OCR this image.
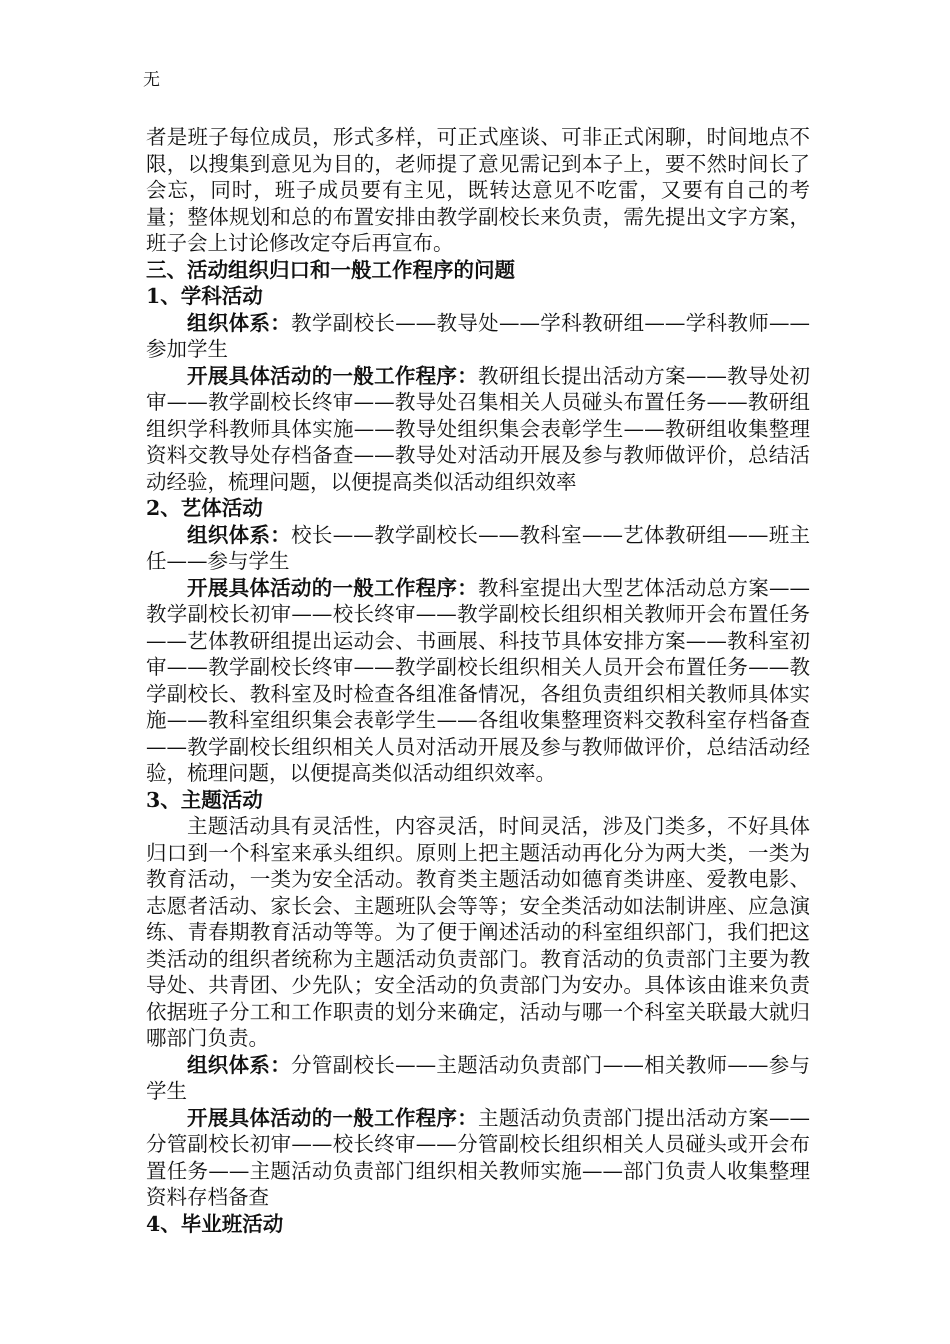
无

者是班子每位成员，形式多样，可正式座谈、可非正式闲聊，时间地点不限，以搜集到意见为目的，老师提了意见需记到本子上，要不然时间长了会忘，同时，班子成员要有主见，既转达意见不吃雷，又要有自己的考量；整体规划和总的布置安排由教学副校长来负责，需先提出文字方案，班子会上讨论修改定夺后再宣布。

三、活动组织归口和一般工作程序的问题

1、学科活动

组织体系：教学副校长——教导处——学科教研组——学科教师——参加学生

开展具体活动的一般工作程序：教研组长提出活动方案——教导处初审——教学副校长终审——教导处召集相关人员碰头布置任务——教研组组织学科教师具体实施——教导处组织集会表彰学生——教研组收集整理资料交教导处存档备查——教导处对活动开展及参与教师做评价，总结活动经验，梳理问题，以便提高类似活动组织效率

2、艺体活动

组织体系：校长——教学副校长——教科室——艺体教研组——班主任——参与学生

开展具体活动的一般工作程序：教科室提出大型艺体活动总方案——教学副校长初审——校长终审——教学副校长组织相关教师开会布置任务——艺体教研组提出运动会、书画展、科技节具体安排方案——教科室初审——教学副校长终审——教学副校长组织相关人员开会布置任务——教学副校长、教科室及时检查各组准备情况，各组负责组织相关教师具体实施——教科室组织集会表彰学生——各组收集整理资料交教科室存档备查——教学副校长组织相关人员对活动开展及参与教师做评价，总结活动经验，梳理问题，以便提高类似活动组织效率。

3、主题活动

主题活动具有灵活性，内容灵活，时间灵活，涉及门类多，不好具体归口到一个科室来承头组织。原则上把主题活动再化分为两大类，一类为教育活动，一类为安全活动。教育类主题活动如德育类讲座、爱教电影、志愿者活动、家长会、主题班队会等等；安全类活动如法制讲座、应急演练、青春期教育活动等等。为了便于阐述活动的科室组织部门，我们把这类活动的组织者统称为主题活动负责部门。教育活动的负责部门主要为教导处、共青团、少先队；安全活动的负责部门为安办。具体该由谁来负责依据班子分工和工作职责的划分来确定，活动与哪一个科室关联最大就归哪部门负责。

组织体系：分管副校长——主题活动负责部门——相关教师——参与学生

开展具体活动的一般工作程序：主题活动负责部门提出活动方案——分管副校长初审——校长终审——分管副校长组织相关人员碰头或开会布置任务——主题活动负责部门组织相关教师实施——部门负责人收集整理资料存档备查

4、毕业班活动
